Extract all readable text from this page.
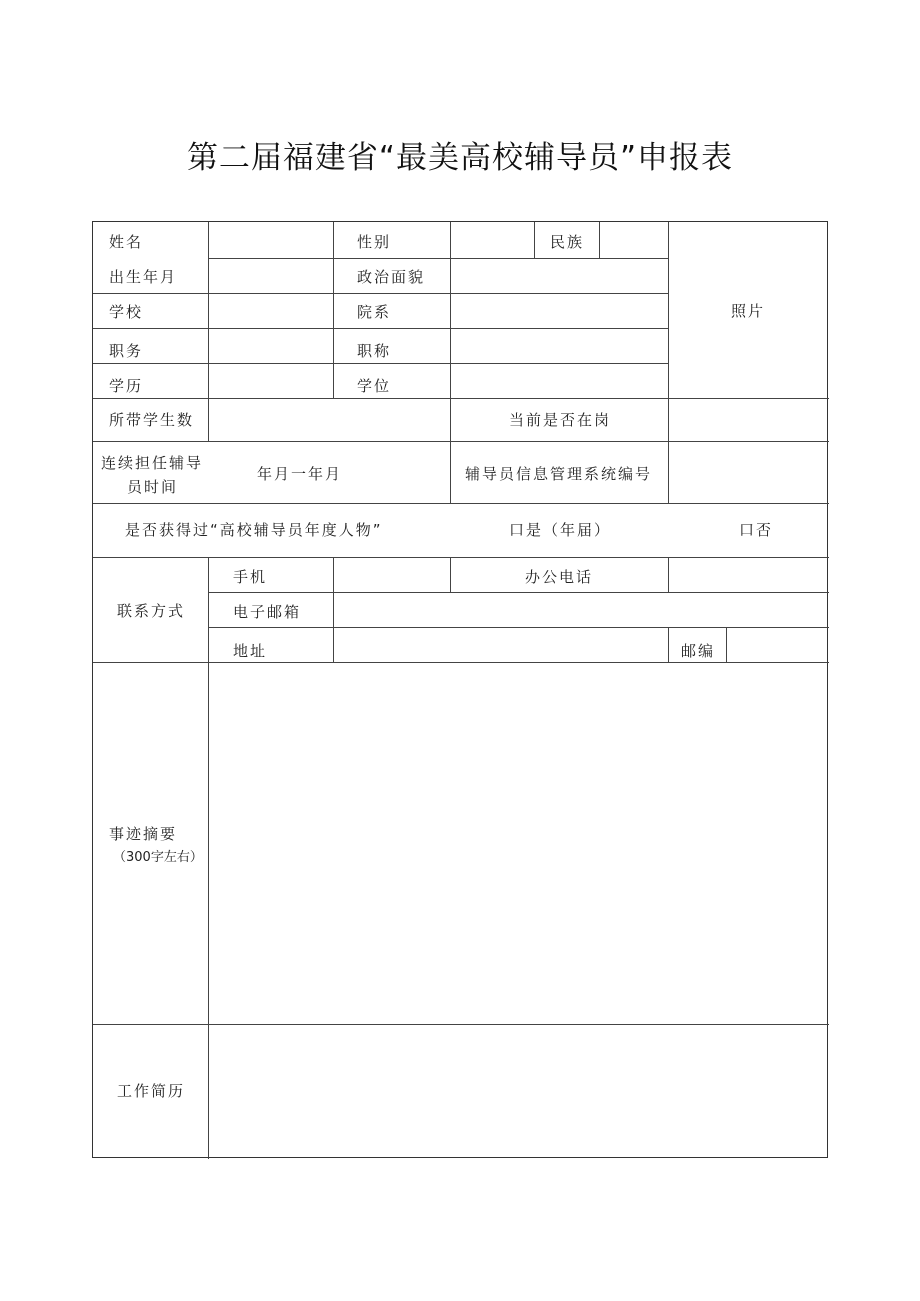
第二届福建省“最美高校辅导员”申报表
姓名	性别	民族
照片
出生年月	政治面貌
学校	院系
职务	职称
学历	学位
所带学生数	当前是否在岗
连续担任辅导
员时间
年月一年月	辅导员信息管理系统编号
是否获得过“高校辅导员年度人物”	口是（年届）	口否
联系方式
手机	办公电话
电子邮箱
地址	邮编
事迹摘要
（300字左右）
工作简历
